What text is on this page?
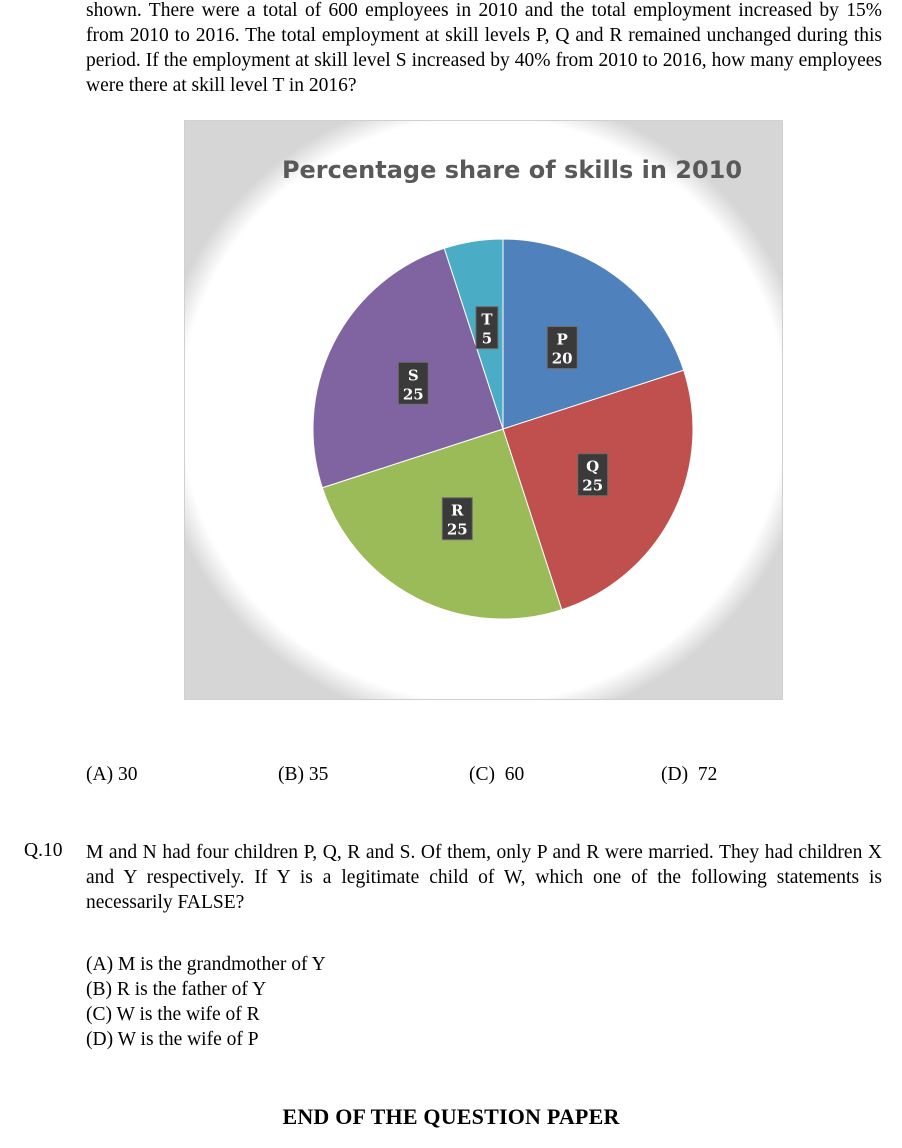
shown. There were a total of 600 employees in 2010 and the total employment increased by 15% from 2010 to 2016. The total employment at skill levels P, Q and R remained unchanged during this period. If the employment at skill level S increased by 40% from 2010 to 2016, how many employees were there at skill level T in 2016?
Percentage share of skills in 2010
P
20
Q
25
R
25
S
25
T
5
(A) 30	(B) 35	(C)  60	(D)  72
Q.10 M and N had four children P, Q, R and S. Of them, only P and R were married. They had children X and Y respectively. If Y is a legitimate child of W, which one of the following statements is necessarily FALSE?
(A) M is the grandmother of Y
(B) R is the father of Y
(C) W is the wife of R
(D) W is the wife of P
END OF THE QUESTION PAPER
